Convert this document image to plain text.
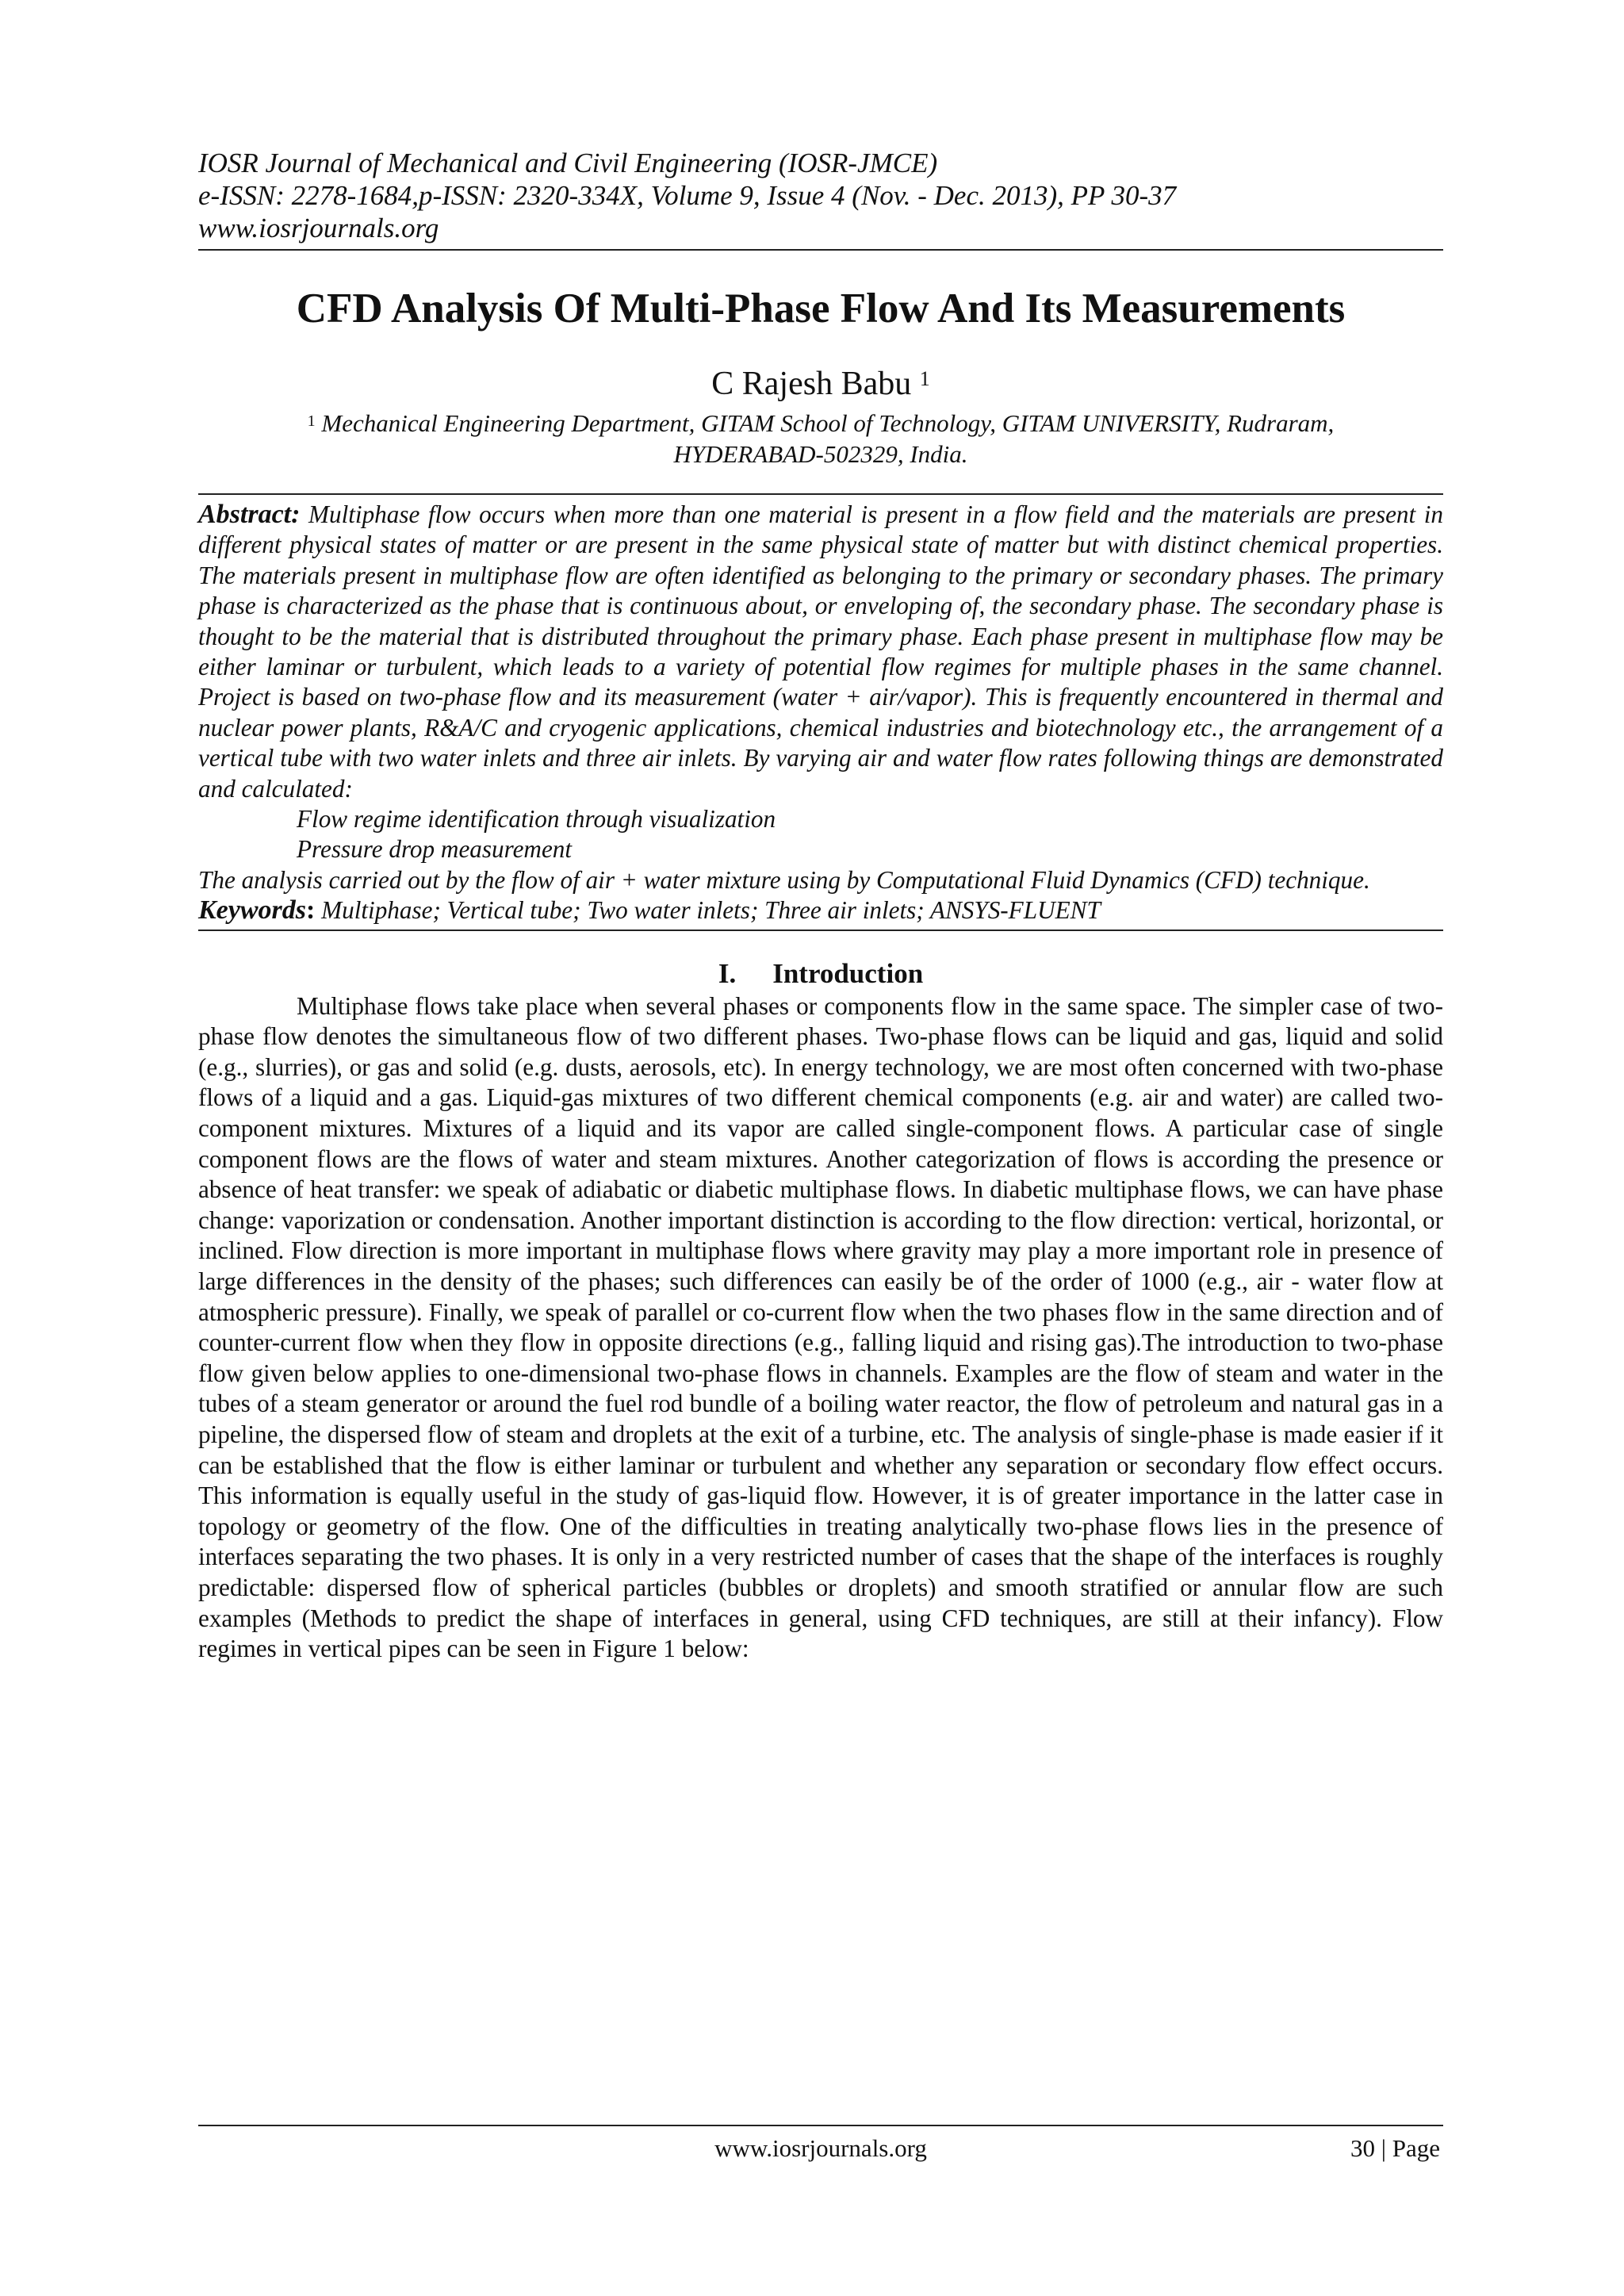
IOSR Journal of Mechanical and Civil Engineering (IOSR-JMCE)
e-ISSN: 2278-1684,p-ISSN: 2320-334X, Volume 9, Issue 4 (Nov. - Dec. 2013), PP 30-37
www.iosrjournals.org
CFD Analysis Of Multi-Phase Flow And Its Measurements
C Rajesh Babu $^1$
$^1$ Mechanical Engineering Department, GITAM School of Technology, GITAM UNIVERSITY, Rudraram,
HYDERABAD-502329, India.

Abstract: Multiphase flow occurs when more than one material is present in a flow field and the materials are present in different physical states of matter or are present in the same physical state of matter but with distinct chemical properties. The materials present in multiphase flow are often identified as belonging to the primary or secondary phases. The primary phase is characterized as the phase that is continuous about, or enveloping of, the secondary phase. The secondary phase is thought to be the material that is distributed throughout the primary phase. Each phase present in multiphase flow may be either laminar or turbulent, which leads to a variety of potential flow regimes for multiple phases in the same channel. Project is based on two-phase flow and its measurement (water + air/vapor). This is frequently encountered in thermal and nuclear power plants, R&A/C and cryogenic applications, chemical industries and biotechnology etc., the arrangement of a vertical tube with two water inlets and three air inlets. By varying air and water flow rates following things are demonstrated and calculated:

Flow regime identification through visualization

Pressure drop measurement

The analysis carried out by the flow of air + water mixture using by Computational Fluid Dynamics (CFD) technique.

Keywords: Multiphase; Vertical tube; Two water inlets; Three air inlets; ANSYS-FLUENT
I. Introduction

Multiphase flows take place when several phases or components flow in the same space. The simpler case of two-phase flow denotes the simultaneous flow of two different phases. Two-phase flows can be liquid and gas, liquid and solid (e.g., slurries), or gas and solid (e.g. dusts, aerosols, etc). In energy technology, we are most often concerned with two-phase flows of a liquid and a gas. Liquid-gas mixtures of two different chemical components (e.g. air and water) are called two-component mixtures. Mixtures of a liquid and its vapor are called single-component flows. A particular case of single component flows are the flows of water and steam mixtures. Another categorization of flows is according the presence or absence of heat transfer: we speak of adiabatic or diabetic multiphase flows. In diabetic multiphase flows, we can have phase change: vaporization or condensation. Another important distinction is according to the flow direction: vertical, horizontal, or inclined. Flow direction is more important in multiphase flows where gravity may play a more important role in presence of large differences in the density of the phases; such differences can easily be of the order of 1000 (e.g., air - water flow at atmospheric pressure). Finally, we speak of parallel or co-current flow when the two phases flow in the same direction and of counter-current flow when they flow in opposite directions (e.g., falling liquid and rising gas).The introduction to two-phase flow given below applies to one-dimensional two-phase flows in channels. Examples are the flow of steam and water in the tubes of a steam generator or around the fuel rod bundle of a boiling water reactor, the flow of petroleum and natural gas in a pipeline, the dispersed flow of steam and droplets at the exit of a turbine, etc. The analysis of single-phase is made easier if it can be established that the flow is either laminar or turbulent and whether any separation or secondary flow effect occurs. This information is equally useful in the study of gas-liquid flow. However, it is of greater importance in the latter case in topology or geometry of the flow. One of the difficulties in treating analytically two-phase flows lies in the presence of interfaces separating the two phases. It is only in a very restricted number of cases that the shape of the interfaces is roughly predictable: dispersed flow of spherical particles (bubbles or droplets) and smooth stratified or annular flow are such examples (Methods to predict the shape of interfaces in general, using CFD techniques, are still at their infancy). Flow regimes in vertical pipes can be seen in Figure 1 below:

www.iosrjournals.org	30 | Page
